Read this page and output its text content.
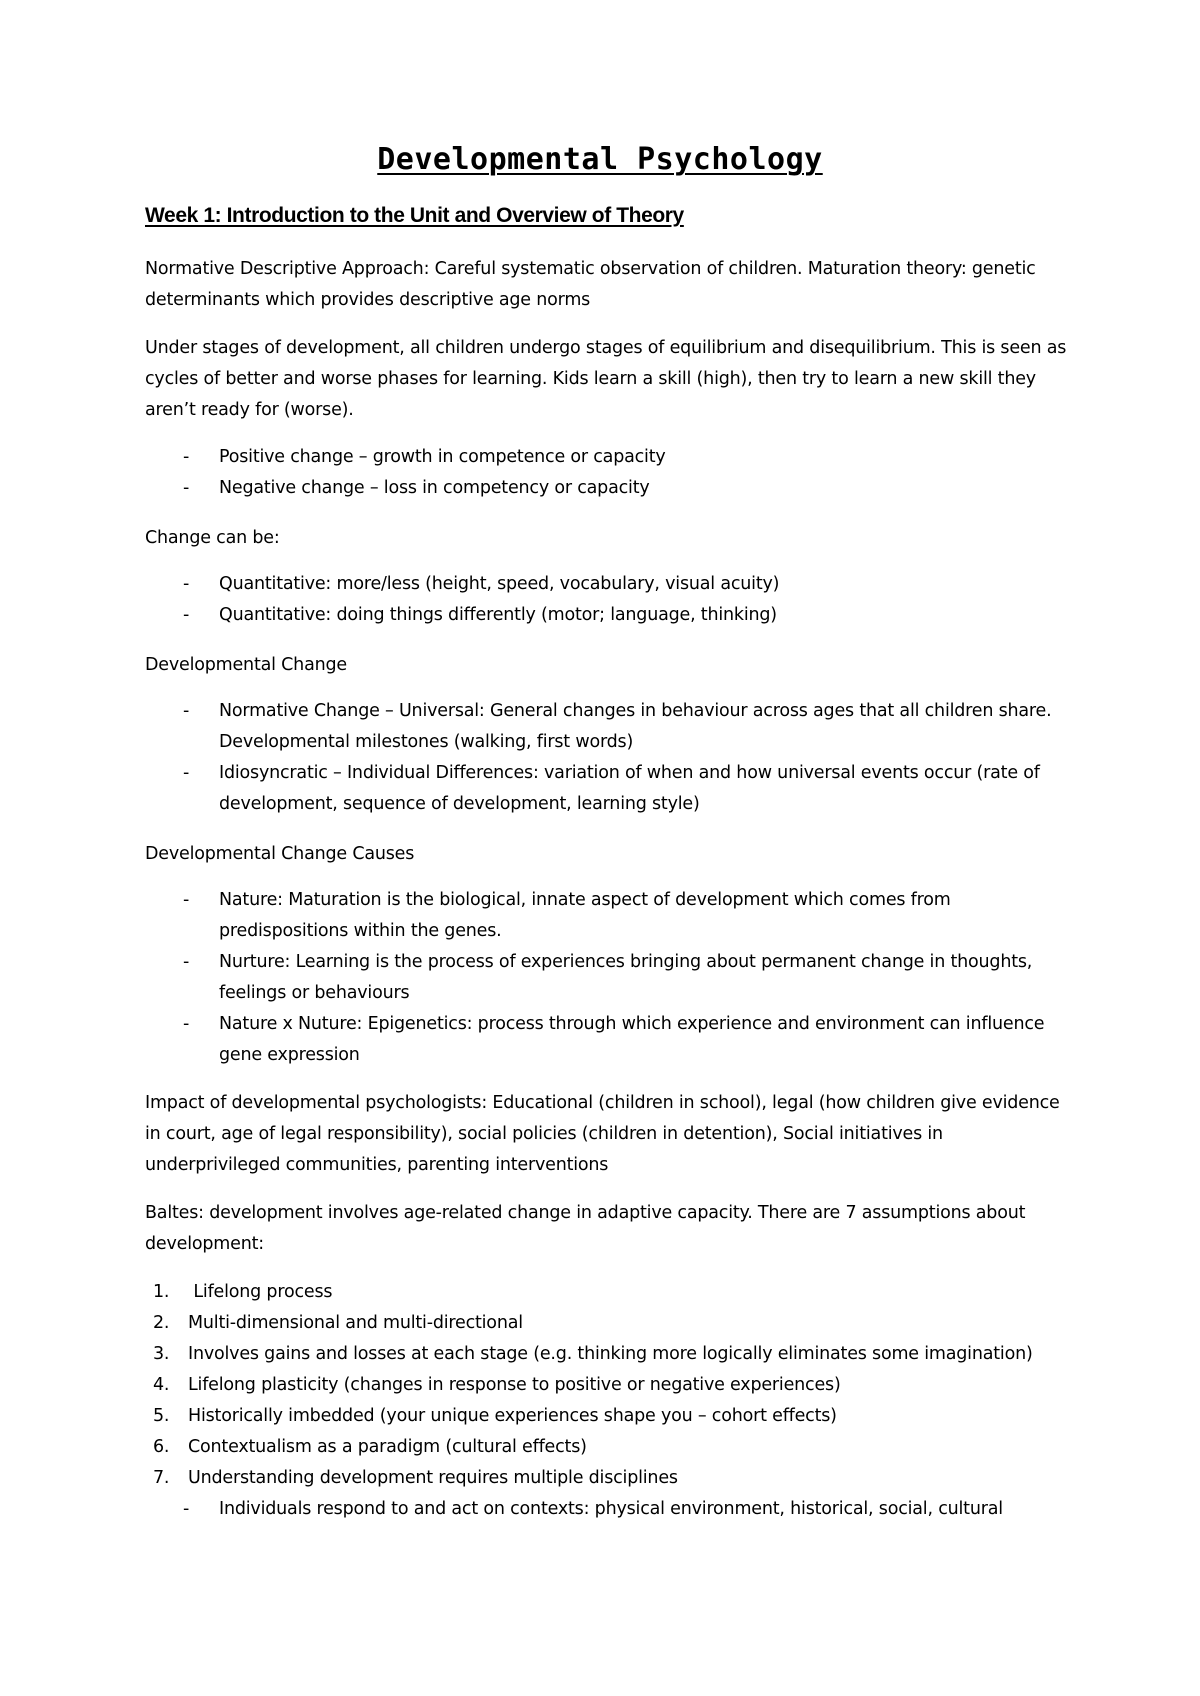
Developmental Psychology
Week 1: Introduction to the Unit and Overview of Theory

Normative Descriptive Approach: Careful systematic observation of children. Maturation theory: genetic determinants which provides descriptive age norms

Under stages of development, all children undergo stages of equilibrium and disequilibrium. This is seen as cycles of better and worse phases for learning. Kids learn a skill (high), then try to learn a new skill they aren’t ready for (worse).

- Positive change – growth in competence or capacity
- Negative change – loss in competency or capacity

Change can be:

- Quantitative: more/less (height, speed, vocabulary, visual acuity)
- Quantitative: doing things differently (motor; language, thinking)

Developmental Change

- Normative Change – Universal: General changes in behaviour across ages that all children share. Developmental milestones (walking, first words)
- Idiosyncratic – Individual Differences: variation of when and how universal events occur (rate of development, sequence of development, learning style)

Developmental Change Causes

- Nature: Maturation is the biological, innate aspect of development which comes from predispositions within the genes.
- Nurture: Learning is the process of experiences bringing about permanent change in thoughts, feelings or behaviours
- Nature x Nuture: Epigenetics: process through which experience and environment can influence gene expression

Impact of developmental psychologists: Educational (children in school), legal (how children give evidence in court, age of legal responsibility), social policies (children in detention), Social initiatives in underprivileged communities, parenting interventions

Baltes: development involves age-related change in adaptive capacity. There are 7 assumptions about development:

1. Lifelong process
2. Multi-dimensional and multi-directional
3. Involves gains and losses at each stage (e.g. thinking more logically eliminates some imagination)
4. Lifelong plasticity (changes in response to positive or negative experiences)
5. Historically imbedded (your unique experiences shape you – cohort effects)
6. Contextualism as a paradigm (cultural effects)
7. Understanding development requires multiple disciplines
- Individuals respond to and act on contexts: physical environment, historical, social, cultural
